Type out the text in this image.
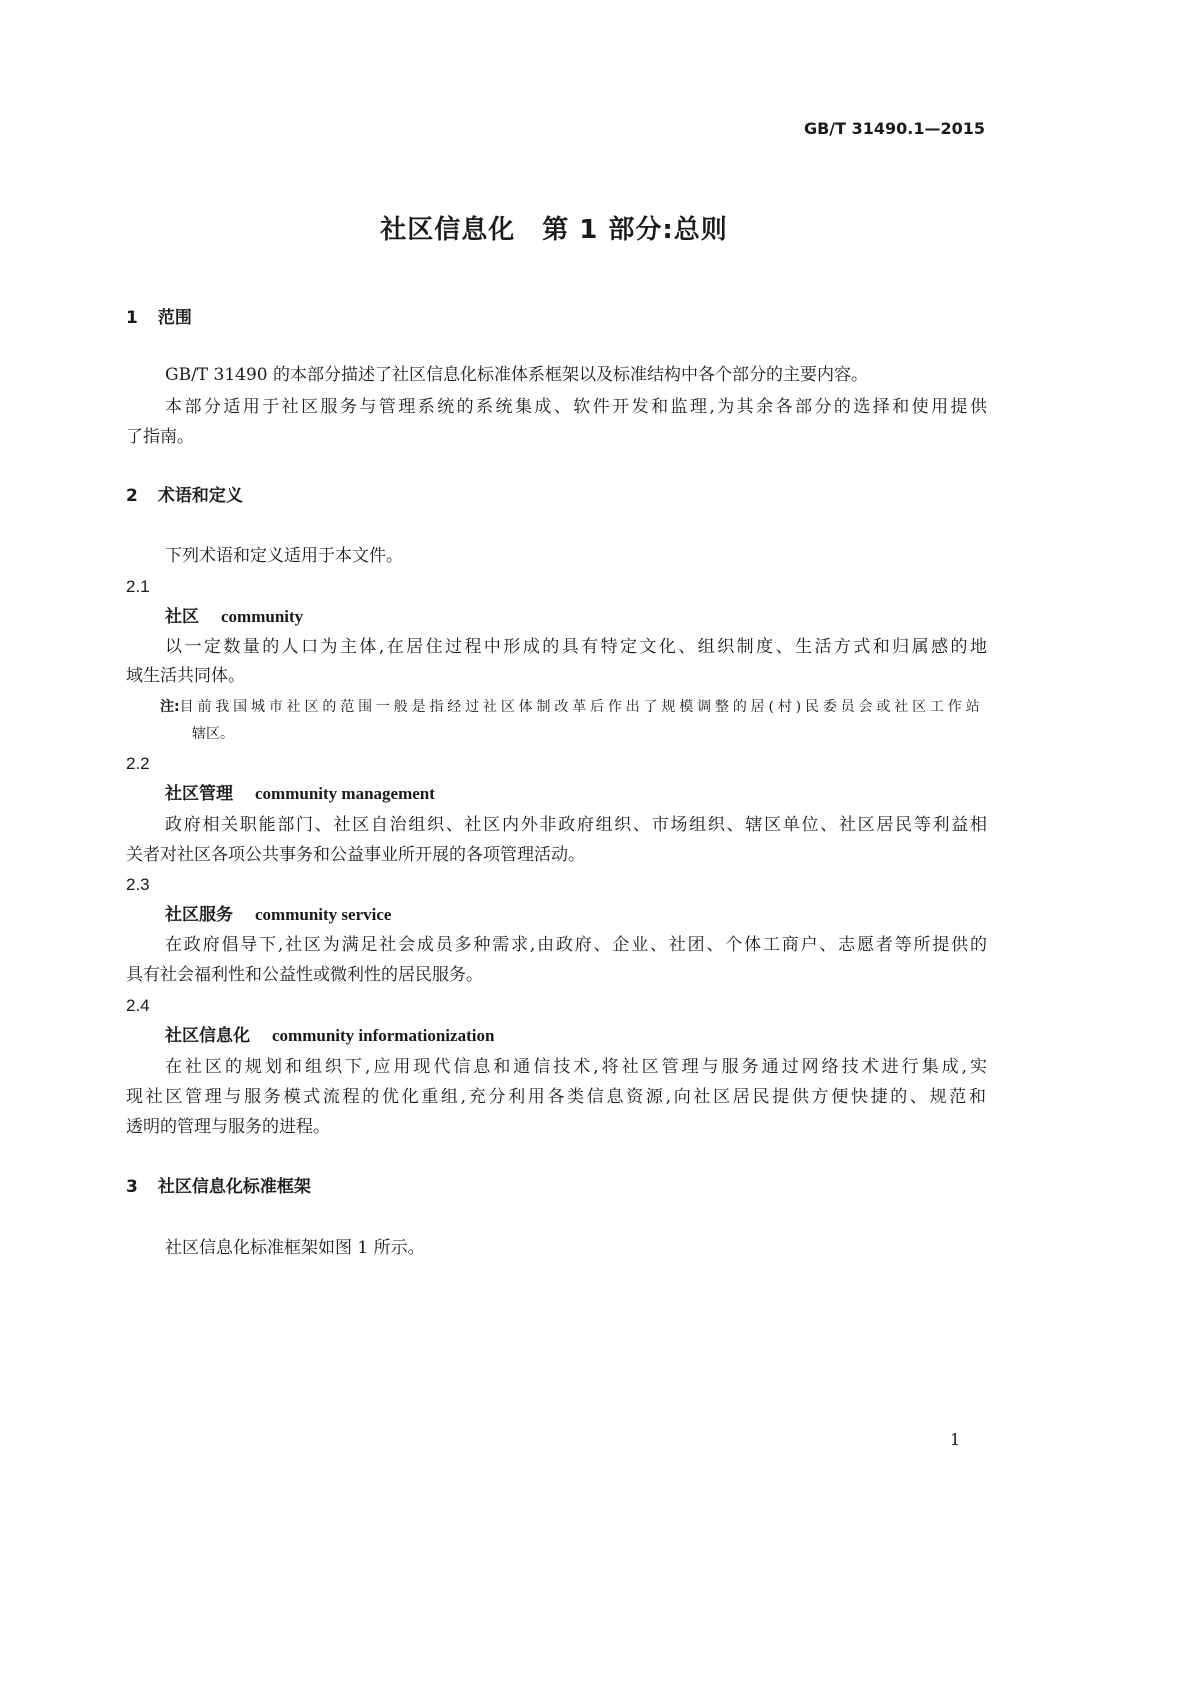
GB/T 31490.1—2015
社区信息化　第 1 部分:总则
1 范围
GB/T 31490 的本部分描述了社区信息化标准体系框架以及标准结构中各个部分的主要内容。
本部分适用于社区服务与管理系统的系统集成、软件开发和监理,为其余各部分的选择和使用提供
了指南。
2 术语和定义
下列术语和定义适用于本文件。
2.1
社区 community
以一定数量的人口为主体,在居住过程中形成的具有特定文化、组织制度、生活方式和归属感的地
域生活共同体。
注:目前我国城市社区的范围一般是指经过社区体制改革后作出了规模调整的居(村)民委员会或社区工作站
辖区。
2.2
社区管理 community management
政府相关职能部门、社区自治组织、社区内外非政府组织、市场组织、辖区单位、社区居民等利益相
关者对社区各项公共事务和公益事业所开展的各项管理活动。
2.3
社区服务 community service
在政府倡导下,社区为满足社会成员多种需求,由政府、企业、社团、个体工商户、志愿者等所提供的
具有社会福利性和公益性或微利性的居民服务。
2.4
社区信息化 community informationization
在社区的规划和组织下,应用现代信息和通信技术,将社区管理与服务通过网络技术进行集成,实
现社区管理与服务模式流程的优化重组,充分利用各类信息资源,向社区居民提供方便快捷的、规范和
透明的管理与服务的进程。
3 社区信息化标准框架
社区信息化标准框架如图 1 所示。
1
